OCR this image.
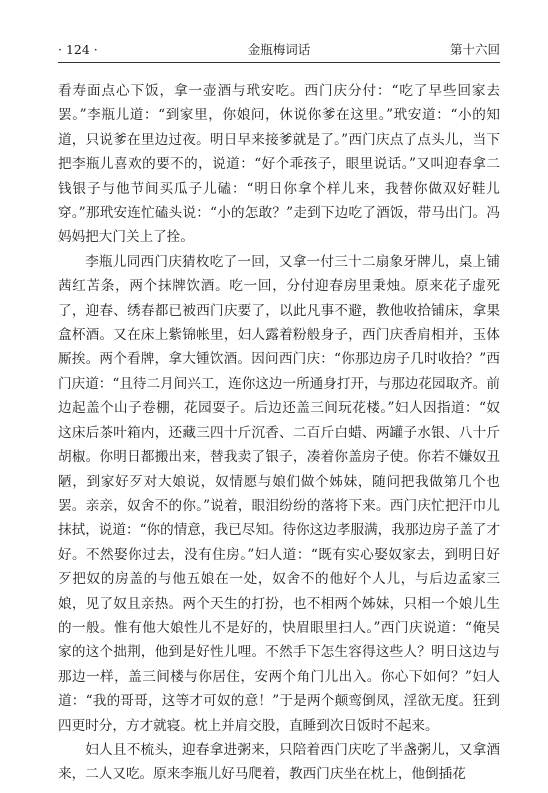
· 124 ·	金瓶梅词话	第十六回

看寿面点心下饭，拿一壶酒与玳安吃。西门庆分付：“吃了早些回家去罢。”李瓶儿道：“到家里，你娘问，休说你爹在这里。”玳安道：“小的知道，只说爹在里边过夜。明日早来接爹就是了。”西门庆点了点头儿，当下把李瓶儿喜欢的要不的，说道：“好个乖孩子，眼里说话。”又叫迎春拿二钱银子与他节间买瓜子儿磕：“明日你拿个样儿来，我替你做双好鞋儿穿。”那玳安连忙磕头说：“小的怎敢？”走到下边吃了酒饭，带马出门。冯妈妈把大门关上了拴。

李瓶儿同西门庆猜枚吃了一回，又拿一付三十二扇象牙牌儿，桌上铺茜红苫条，两个抹牌饮酒。吃一回，分付迎春房里秉烛。原来花子虚死了，迎春、绣春都已被西门庆要了，以此凡事不避，教他收拾铺床，拿果盒杯酒。又在床上紫锦帐里，妇人露着粉般身子，西门庆香肩相并，玉体厮挨。两个看牌，拿大锺饮酒。因问西门庆：“你那边房子几时收拾？”西门庆道：“且待二月间兴工，连你这边一所通身打开，与那边花园取齐。前边起盖个山子卷棚，花园耍子。后边还盖三间玩花楼。”妇人因指道：“奴这床后茶叶箱内，还藏三四十斤沉香、二百斤白蜡、两罐子水银、八十斤胡椒。你明日都搬出来，替我卖了银子，凑着你盖房子使。你若不嫌奴丑陋，到家好歹对大娘说，奴情愿与娘们做个姊妹，随问把我做第几个也罢。亲亲，奴舍不的你。”说着，眼泪纷纷的落将下来。西门庆忙把汗巾儿抹拭，说道：“你的情意，我已尽知。待你这边孝服满，我那边房子盖了才好。不然娶你过去，没有住房。”妇人道：“既有实心娶奴家去，到明日好歹把奴的房盖的与他五娘在一处，奴舍不的他好个人儿，与后边孟家三娘，见了奴且亲热。两个天生的打扮，也不相两个姊妹，只相一个娘儿生的一般。惟有他大娘性儿不是好的，快眉眼里扫人。”西门庆说道：“俺吴家的这个拙荆，他到是好性儿哩。不然手下怎生容得这些人？明日这边与那边一样，盖三间楼与你居住，安两个角门儿出入。你心下如何？”妇人道：“我的哥哥，这等才可奴的意！”于是两个颠鸾倒凤，淫欲无度。狂到四更时分，方才就寝。枕上并肩交股，直睡到次日饭时不起来。

妇人且不梳头，迎春拿进粥来，只陪着西门庆吃了半盏粥儿，又拿酒来，二人又吃。原来李瓶儿好马爬着，教西门庆坐在枕上，他倒插花
